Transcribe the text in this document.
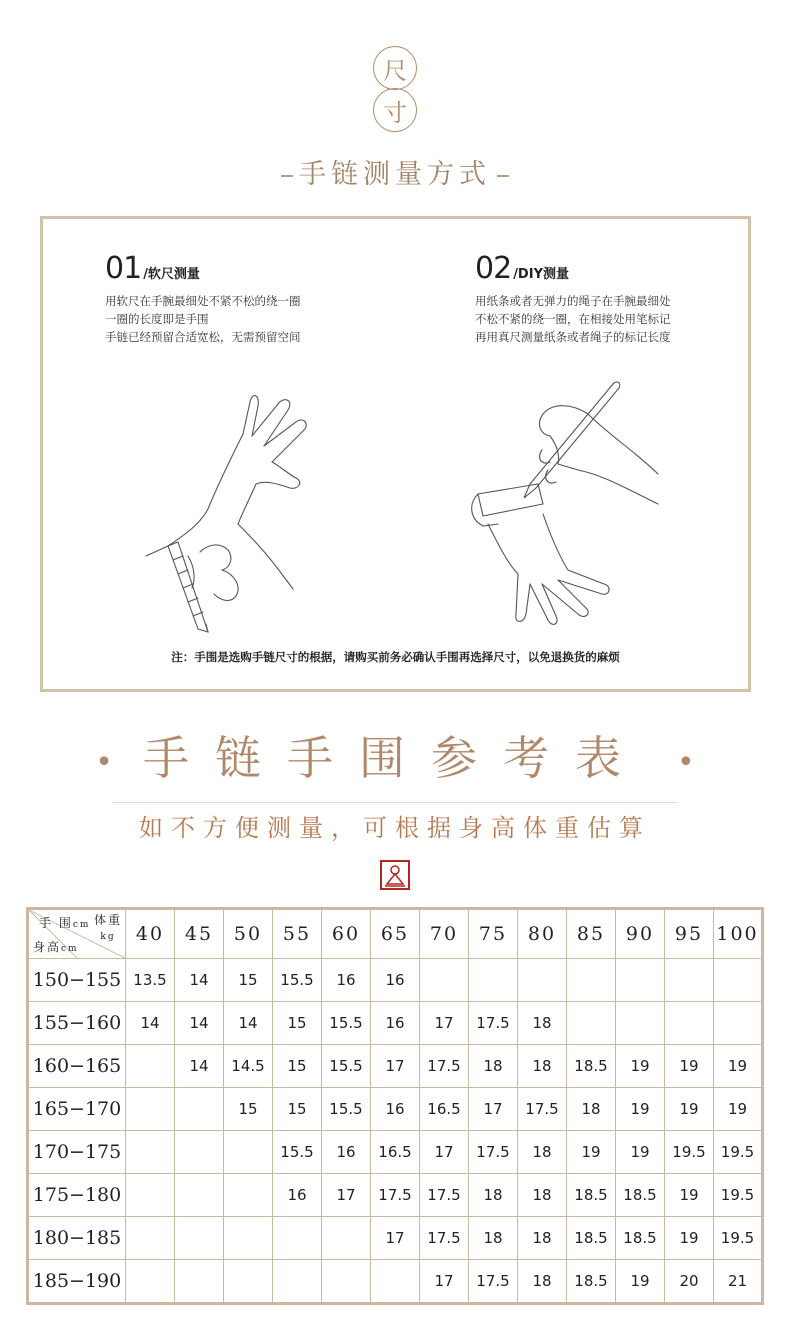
尺
寸
手链测量方式
01 /软尺测量
用软尺在手腕最细处不紧不松的绕一圈
一圈的长度即是手围
手链已经预留合适宽松，无需预留空间
02 /DIY测量
用纸条或者无弹力的绳子在手腕最细处
不松不紧的绕一圈，在相接处用笔标记
再用真尺测量纸条或者绳子的标记长度
注：手围是选购手链尺寸的根据，请购买前务必确认手围再选择尺寸，以免退换货的麻烦
• 手链手围参考表 •
如不方便测量，可根据身高体重估算
手 围cm 体重
kg
身高cm	40	45	50	55	60	65	70	75	80	85	90	95	100
150−155	13.5	14	15	15.5	16	16							
155−160	14	14	14	15	15.5	16	17	17.5	18				
160−165		14	14.5	15	15.5	17	17.5	18	18	18.5	19	19	19
165−170			15	15	15.5	16	16.5	17	17.5	18	19	19	19
170−175				15.5	16	16.5	17	17.5	18	19	19	19.5	19.5
175−180				16	17	17.5	17.5	18	18	18.5	18.5	19	19.5
180−185						17	17.5	18	18	18.5	18.5	19	19.5
185−190							17	17.5	18	18.5	19	20	21
